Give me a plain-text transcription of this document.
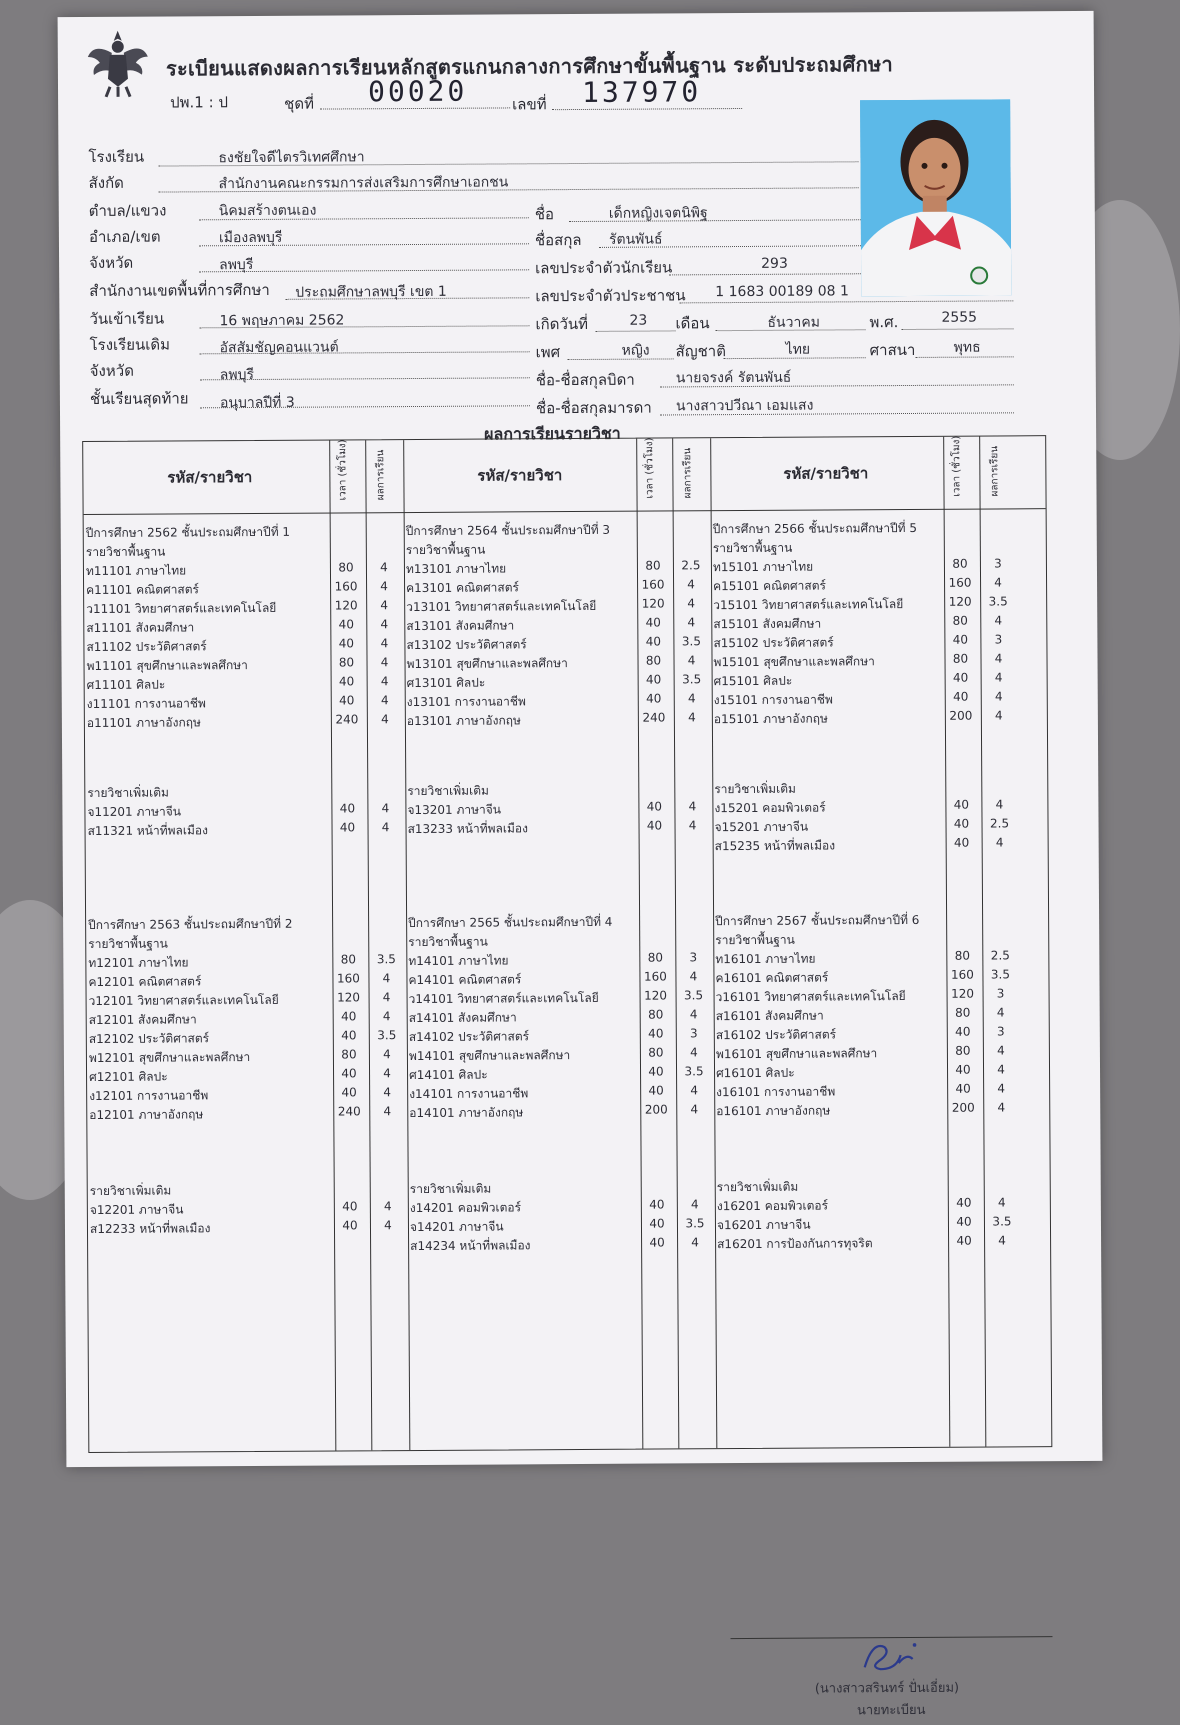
ระเบียนแสดงผลการเรียนหลักสูตรแกนกลางการศึกษาขั้นพื้นฐาน ระดับประถมศึกษา
ปพ.1 : ป	ชุดที่ 00020	เลขที่ 137970
โรงเรียน	ธงชัยใจดีไตรวิเทศศึกษา
สังกัด	สำนักงานคณะกรรมการส่งเสริมการศึกษาเอกชน
ตำบล/แขวง	นิคมสร้างตนเอง
อำเภอ/เขต	เมืองลพบุรี
จังหวัด	ลพบุรี
สำนักงานเขตพื้นที่การศึกษา ประถมศึกษาลพบุรี เขต 1
วันเข้าเรียน	16 พฤษภาคม 2562
โรงเรียนเดิม	อัสสัมชัญคอนแวนต์
จังหวัด	ลพบุรี
ชั้นเรียนสุดท้าย อนุบาลปีที่ 3
ชื่อ	เด็กหญิงเจตนิพิฐ
ชื่อสกุล รัตนพันธ์
เลขประจำตัวนักเรียน	293
เลขประจำตัวประชาชน 1 1683 00189 08 1
เกิดวันที่	23 เดือน	ธันวาคม	พ.ศ.	2555
เพศ	หญิง สัญชาติ	ไทย	ศาสนา	พุทธ
ชื่อ-ชื่อสกุลบิดา	นายจรงค์ รัตนพันธ์
ชื่อ-ชื่อสกุลมารดา นางสาวปวีณา เอมแสง
ผลการเรียนรายวิชา
รหัส/รายวิชา	เวลา (ชั่วโมง)	ผลการเรียน	รหัส/รายวิชา	เวลา (ชั่วโมง)	ผลการเรียน	รหัส/รายวิชา	เวลา (ชั่วโมง)	ผลการเรียน
ปีการศึกษา 2562 ชั้นประถมศึกษาปีที่ 1
รายวิชาพื้นฐาน
ท11101 ภาษาไทย	80	4
ค11101 คณิตศาสตร์	160	4
ว11101 วิทยาศาสตร์และเทคโนโลยี	120	4
ส11101 สังคมศึกษา	40	4
ส11102 ประวัติศาสตร์	40	4
พ11101 สุขศึกษาและพลศึกษา	80	4
ศ11101 ศิลปะ	40	4
ง11101 การงานอาชีพ	40	4
อ11101 ภาษาอังกฤษ	240	4
รายวิชาเพิ่มเติม
จ11201 ภาษาจีน	40	4
ส11321 หน้าที่พลเมือง	40	4
ปีการศึกษา 2563 ชั้นประถมศึกษาปีที่ 2
รายวิชาพื้นฐาน
ท12101 ภาษาไทย	80	3.5
ค12101 คณิตศาสตร์	160	4
ว12101 วิทยาศาสตร์และเทคโนโลยี	120	4
ส12101 สังคมศึกษา	40	4
ส12102 ประวัติศาสตร์	40	3.5
พ12101 สุขศึกษาและพลศึกษา	80	4
ศ12101 ศิลปะ	40	4
ง12101 การงานอาชีพ	40	4
อ12101 ภาษาอังกฤษ	240	4
รายวิชาเพิ่มเติม
จ12201 ภาษาจีน	40	4
ส12233 หน้าที่พลเมือง	40	4
ปีการศึกษา 2564 ชั้นประถมศึกษาปีที่ 3
รายวิชาพื้นฐาน
ท13101 ภาษาไทย	80	2.5
ค13101 คณิตศาสตร์	160	4
ว13101 วิทยาศาสตร์และเทคโนโลยี	120	4
ส13101 สังคมศึกษา	40	4
ส13102 ประวัติศาสตร์	40	3.5
พ13101 สุขศึกษาและพลศึกษา	80	4
ศ13101 ศิลปะ	40	3.5
ง13101 การงานอาชีพ	40	4
อ13101 ภาษาอังกฤษ	240	4
รายวิชาเพิ่มเติม
จ13201 ภาษาจีน	40	4
ส13233 หน้าที่พลเมือง	40	4
ปีการศึกษา 2565 ชั้นประถมศึกษาปีที่ 4
รายวิชาพื้นฐาน
ท14101 ภาษาไทย	80	3
ค14101 คณิตศาสตร์	160	4
ว14101 วิทยาศาสตร์และเทคโนโลยี	120	3.5
ส14101 สังคมศึกษา	80	4
ส14102 ประวัติศาสตร์	40	3
พ14101 สุขศึกษาและพลศึกษา	80	4
ศ14101 ศิลปะ	40	3.5
ง14101 การงานอาชีพ	40	4
อ14101 ภาษาอังกฤษ	200	4
รายวิชาเพิ่มเติม
ง14201 คอมพิวเตอร์	40	4
จ14201 ภาษาจีน	40	3.5
ส14234 หน้าที่พลเมือง	40	4
ปีการศึกษา 2566 ชั้นประถมศึกษาปีที่ 5
รายวิชาพื้นฐาน
ท15101 ภาษาไทย	80	3
ค15101 คณิตศาสตร์	160	4
ว15101 วิทยาศาสตร์และเทคโนโลยี	120	3.5
ส15101 สังคมศึกษา	80	4
ส15102 ประวัติศาสตร์	40	3
พ15101 สุขศึกษาและพลศึกษา	80	4
ศ15101 ศิลปะ	40	4
ง15101 การงานอาชีพ	40	4
อ15101 ภาษาอังกฤษ	200	4
รายวิชาเพิ่มเติม
ง15201 คอมพิวเตอร์	40	4
จ15201 ภาษาจีน	40	2.5
ส15235 หน้าที่พลเมือง	40	4
ปีการศึกษา 2567 ชั้นประถมศึกษาปีที่ 6
รายวิชาพื้นฐาน
ท16101 ภาษาไทย	80	2.5
ค16101 คณิตศาสตร์	160	3.5
ว16101 วิทยาศาสตร์และเทคโนโลยี	120	3
ส16101 สังคมศึกษา	80	4
ส16102 ประวัติศาสตร์	40	3
พ16101 สุขศึกษาและพลศึกษา	80	4
ศ16101 ศิลปะ	40	4
ง16101 การงานอาชีพ	40	4
อ16101 ภาษาอังกฤษ	200	4
รายวิชาเพิ่มเติม
ง16201 คอมพิวเตอร์	40	4
จ16201 ภาษาจีน	40	3.5
ส16201 การป้องกันการทุจริต	40	4
(นางสาวสรินทร์ ปั่นเอี่ยม)
นายทะเบียน
